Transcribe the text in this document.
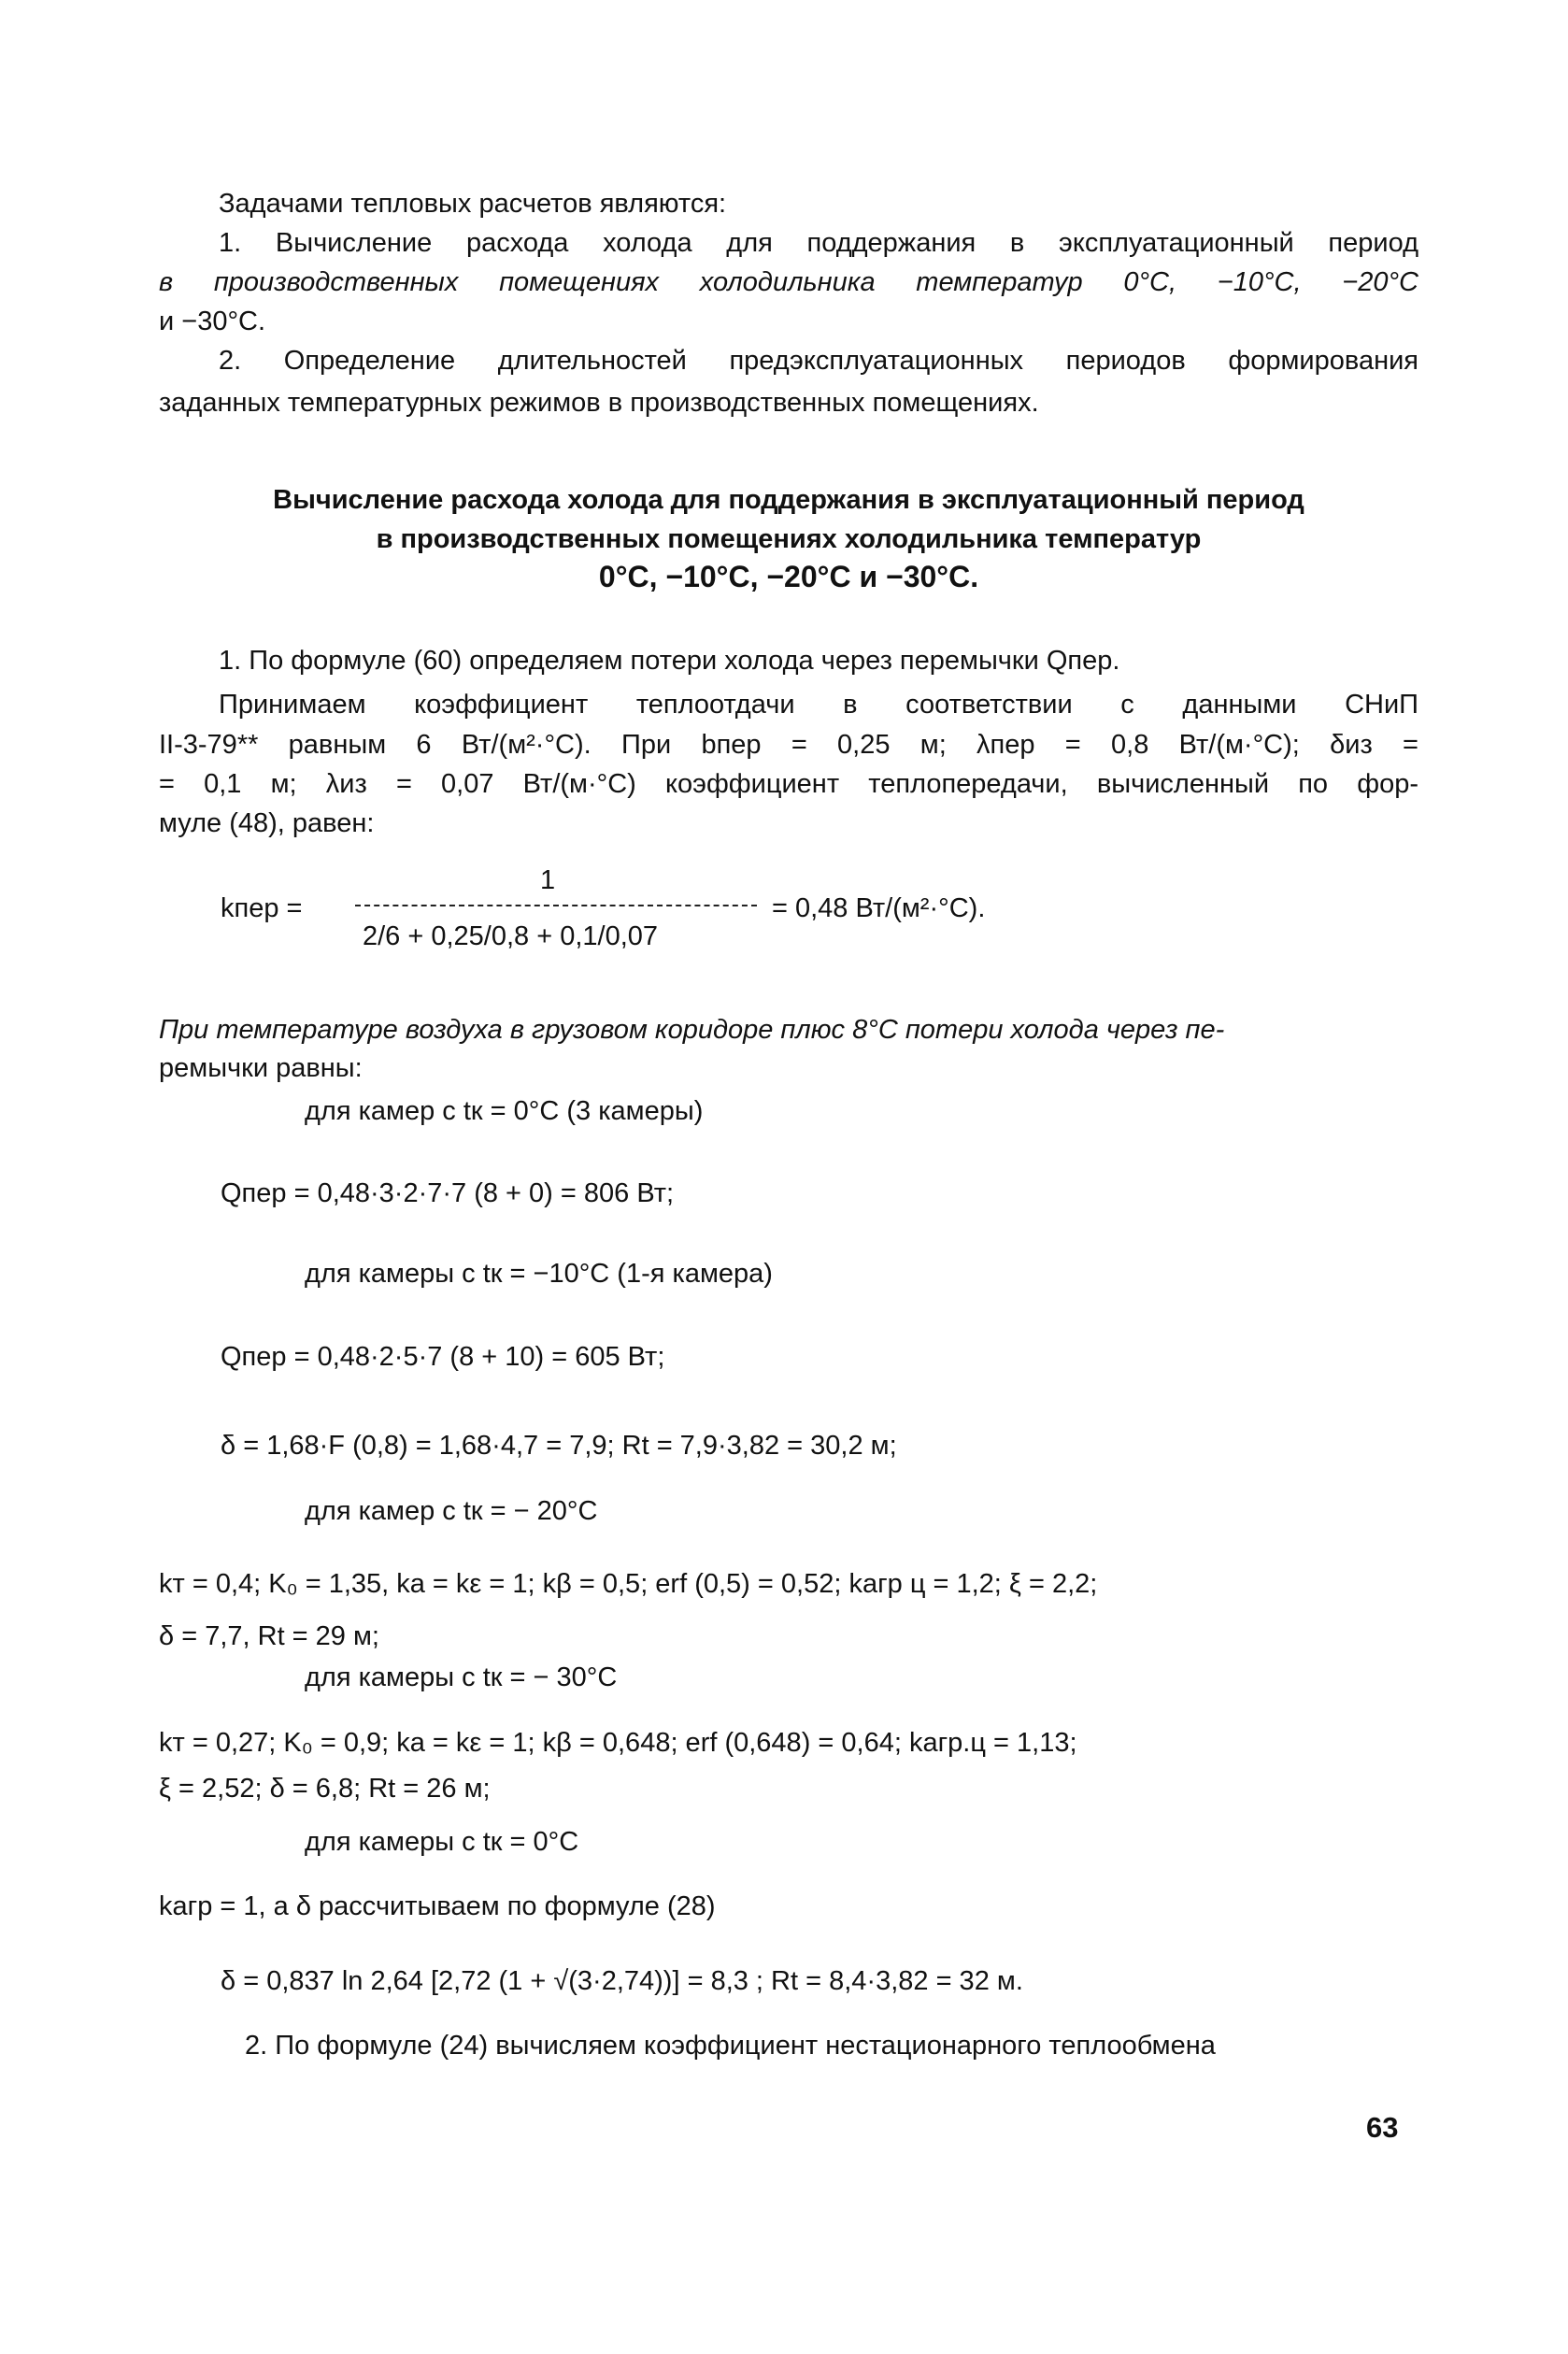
Задачами тепловых расчетов являются:
1. Вычисление расхода холода для поддержания в эксплуатационный период
в производственных помещениях холодильника температур 0°С, −10°С, −20°С
и −30°С.
2. Определение длительностей предэксплуатационных периодов формирования
заданных температурных режимов в производственных помещениях.
Вычисление расхода холода для поддержания в эксплуатационный период
в производственных помещениях холодильника температур
0°С, −10°С, −20°С и −30°С.
1. По формуле (60) определяем потери холода через перемычки Qпер.
Принимаем коэффициент теплоотдачи в соответствии с данными СНиП
II-3-79** равным 6 Вт/(м²·°С). При bпер = 0,25 м; λпер = 0,8 Вт/(м·°С); δиз =
= 0,1 м; λиз = 0,07 Вт/(м·°С) коэффициент теплопередачи, вычисленный по фор-
муле (48), равен:
kпер =
1
2/6 + 0,25/0,8 + 0,1/0,07
= 0,48 Вт/(м²·°С).
При температуре воздуха в грузовом коридоре плюс 8°С потери холода через пе-
ремычки равны:
для камер с tк = 0°С (3 камеры)
Qпер = 0,48·3·2·7·7 (8 + 0) = 806 Вт;
для камеры с tк = −10°С (1-я камера)
Qпер = 0,48·2·5·7 (8 + 10) = 605 Вт;
δ = 1,68·F (0,8) = 1,68·4,7 = 7,9; Rt = 7,9·3,82 = 30,2 м;
для камер с tк = − 20°С
kт = 0,4; K₀ = 1,35, ka = kε = 1; kβ = 0,5; erf (0,5) = 0,52; kагр ц = 1,2; ξ = 2,2;
δ = 7,7, Rt = 29 м;
для камеры с tк = − 30°С
kт = 0,27; K₀ = 0,9; ka = kε = 1; kβ = 0,648; erf (0,648) = 0,64; kагр.ц = 1,13;
ξ = 2,52; δ = 6,8; Rt = 26 м;
для камеры с tк = 0°С
kагр = 1, а δ рассчитываем по формуле (28)
δ = 0,837 ln 2,64 [2,72 (1 + √(3·2,74))] = 8,3 ; Rt = 8,4·3,82 = 32 м.
2. По формуле (24) вычисляем коэффициент нестационарного теплообмена
63
